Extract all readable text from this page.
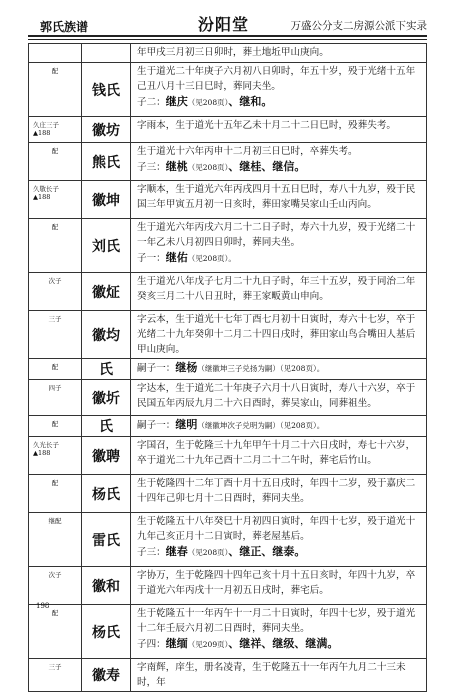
郭氏族谱	汾阳堂	万盛公分支二房源公派下实录
		年甲戌三月初三日卯时，葬土地坵甲山庚向。

配	钱氏	生于道光二十年庚子六月初八日卯时，年五十岁，殁于光绪十五年己丑八月十三日巳时，葬同夫坐。
子二：继庆（见208页）、继和。

久庄三子
▲188	徽坊	字雨本，生于道光十五年乙未十月二十二日巳时，殁葬失考。

配	熊氏	生于道光十六年丙申十二月初三日巳时，卒葬失考。
子三：继桃（见208页）、继桂、继信。

久敬长子
▲188	徽坤	字顺本，生于道光六年丙戌四月十五日巳时，寿八十九岁，殁于民国三年甲寅五月初一日亥时，葬田家嘴吴家山壬山丙向。

配	刘氏	生于道光六年丙戌六月二十二日子时，寿六十九岁，殁于光绪二十一年乙未八月初四日卯时，葬同夫坐。
子一：继佑（见208页）。

次子	徽炡	生于道光八年戊子七月二十九日子时，年三十五岁，殁于同治二年癸亥三月二十八日丑时，葬王家畈黄山申向。

三子	徽均	字云本，生于道光十七年丁酉七月初十日寅时，寿六十七岁，卒于光绪二十九年癸卯十二月二十四日戌时，葬田家山鸟合嘴田人基后甲山庚向。

配	氏	嗣子一：继杨（继徽坤三子兑扬为嗣）（见208页）。

四子	徽圻	字达本，生于道光二十年庚子六月十八日寅时，寿八十六岁，卒于民国五年丙辰九月二十六日酉时，葬吴家山，同葬祖坐。

配	氏	嗣子一：继明（继徽坤次子兑明为嗣）（见208页）。

久光长子
▲188	徽聘	字国召，生于乾隆三十九年甲午十月二十六日戌时，寿七十六岁，卒于道光二十九年己酉十二月二十二午时，葬宅后竹山。

配	杨氏	生于乾隆四十二年丁酉十月十五日戌时，年四十二岁，殁于嘉庆二十四年己卯七月十二日酉时，葬同夫坐。

继配	雷氏	生于乾隆五十八年癸巳十月初四日寅时，年四十七岁，殁于道光十九年己亥正月十二日寅时，葬老屋基后。
子三：继春（见208页）、继正、继泰。

次子	徽和	字协万，生于乾隆四十四年己亥十月十五日亥时，年四十九岁，卒于道光六年丙戌十一月初五日戌时，葬宅后。

配	杨氏	生于乾隆五十一年丙午十一月二十日寅时，年四十七岁，殁于道光十二年壬辰六月初二日酉时，葬同夫坐。
子四：继缅（见209页）、继祥、继级、继满。

三子	徽寿	字南辉，庠生，册名凌青，生于乾隆五十一年丙午九月二十三未时，年
198
